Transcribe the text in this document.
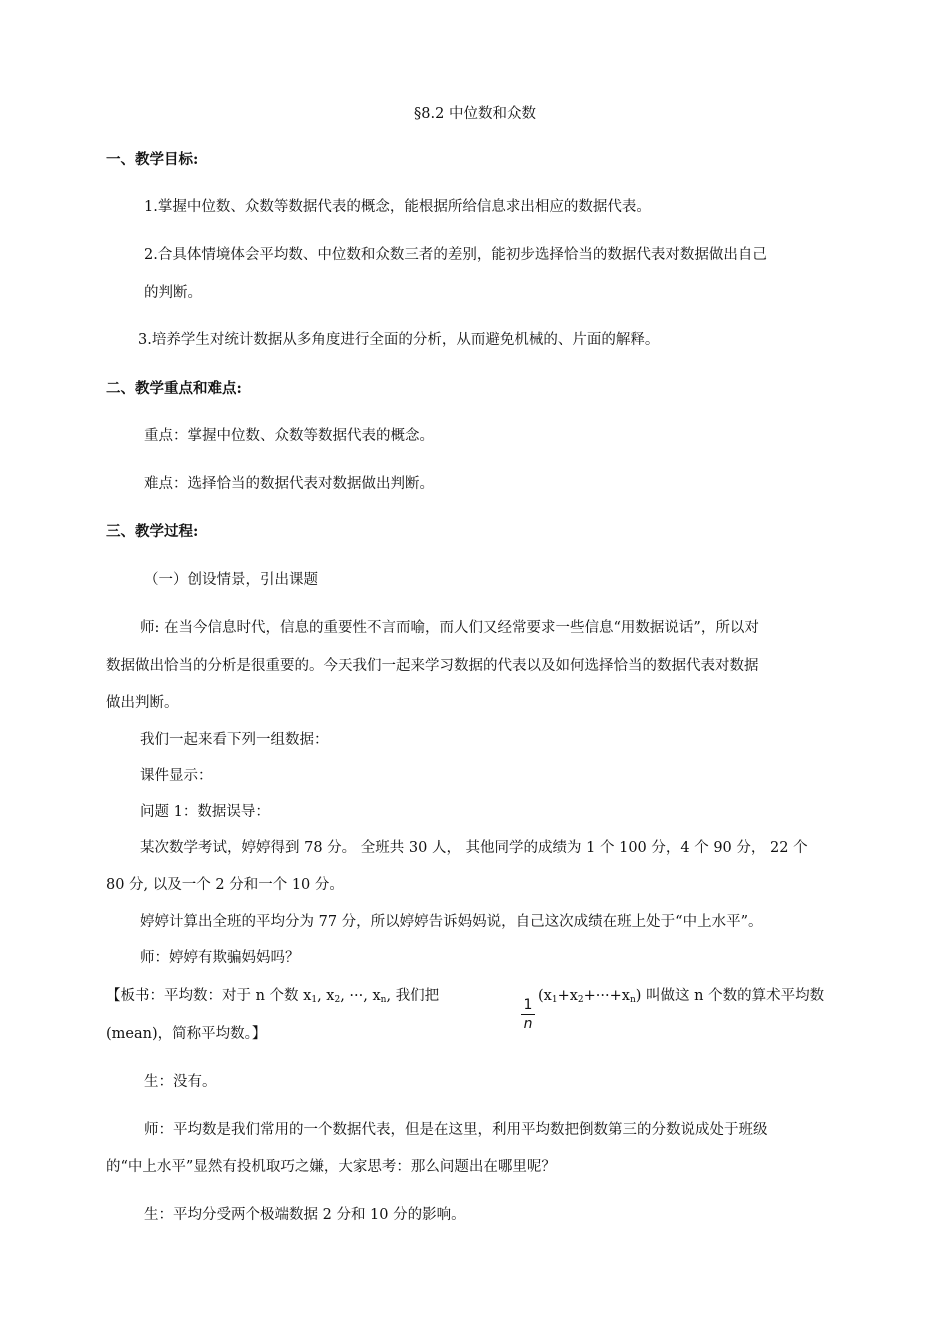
§8.2 中位数和众数
一、教学目标:
1.掌握中位数、众数等数据代表的概念，能根据所给信息求出相应的数据代表。
2.合具体情境体会平均数、中位数和众数三者的差别，能初步选择恰当的数据代表对数据做出自己
的判断。
3.培养学生对统计数据从多角度进行全面的分析，从而避免机械的、片面的解释。
二、教学重点和难点:
重点：掌握中位数、众数等数据代表的概念。
难点：选择恰当的数据代表对数据做出判断。
三、教学过程:
（一）创设情景，引出课题
师: 在当今信息时代，信息的重要性不言而喻，而人们又经常要求一些信息“用数据说话”，所以对
数据做出恰当的分析是很重要的。今天我们一起来学习数据的代表以及如何选择恰当的数据代表对数据
做出判断。
我们一起来看下列一组数据：
课件显示：
问题 1：数据误导：
某次数学考试，婷婷得到 78 分。 全班共 30 人， 其他同学的成绩为 1 个 100 分，4 个 90 分， 22 个
80 分, 以及一个 2 分和一个 10 分。
婷婷计算出全班的平均分为 77 分，所以婷婷告诉妈妈说，自己这次成绩在班上处于“中上水平”。
师：婷婷有欺骗妈妈吗？
【板书：平均数：对于 n 个数 $x_1$, $x_2$, ···, $x_n$, 我们把
1
n
$(x_1+x_2+\cdot\cdot\cdot+x_n)$ 叫做这 n 个数的算术平均数
(mean)，简称平均数。】
生：没有。
师：平均数是我们常用的一个数据代表，但是在这里，利用平均数把倒数第三的分数说成处于班级
的“中上水平”显然有投机取巧之嫌，大家思考：那么问题出在哪里呢？
生：平均分受两个极端数据 2 分和 10 分的影响。
